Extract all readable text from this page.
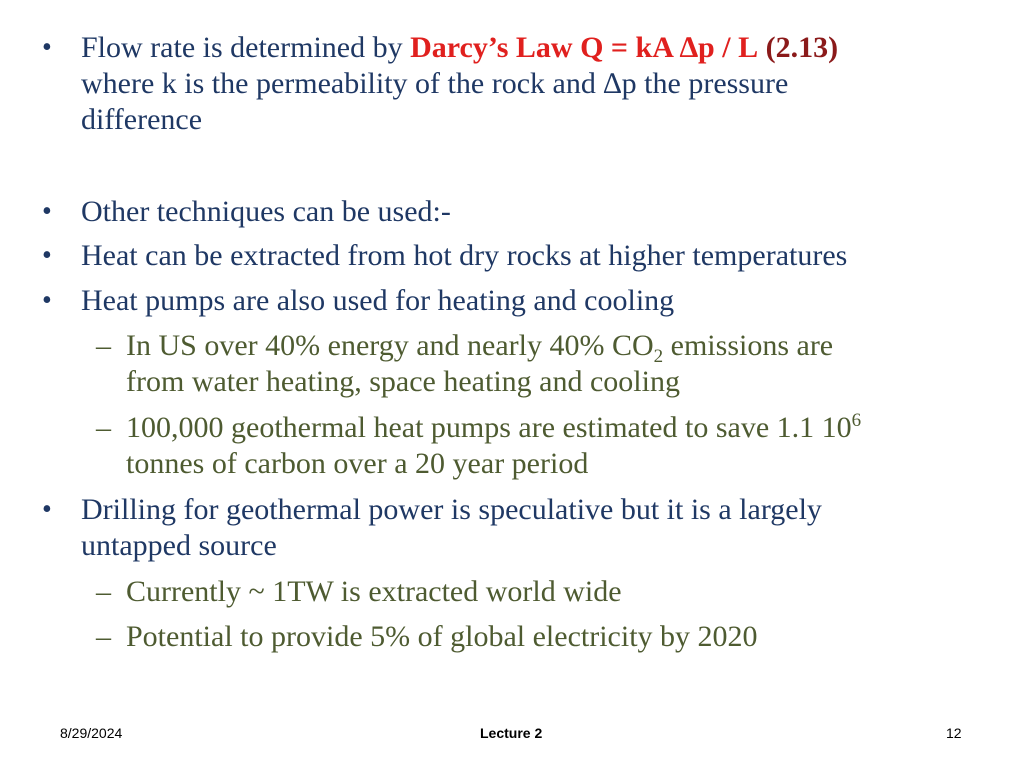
• Flow rate is determined by Darcy’s Law Q = kA ∆p / L (2.13)
where k is the permeability of the rock and ∆p the pressure
difference
• Other techniques can be used:-
• Heat can be extracted from hot dry rocks at higher temperatures
• Heat pumps are also used for heating and cooling
– In US over 40% energy and nearly 40% $CO_2$ emissions are
from water heating, space heating and cooling
– 100,000 geothermal heat pumps are estimated to save 1.1 $10^6$
tonnes of carbon over a 20 year period
• Drilling for geothermal power is speculative but it is a largely
untapped source
– Currently ~ 1TW is extracted world wide
– Potential to provide 5% of global electricity by 2020
8/29/2024	Lecture 2	12
